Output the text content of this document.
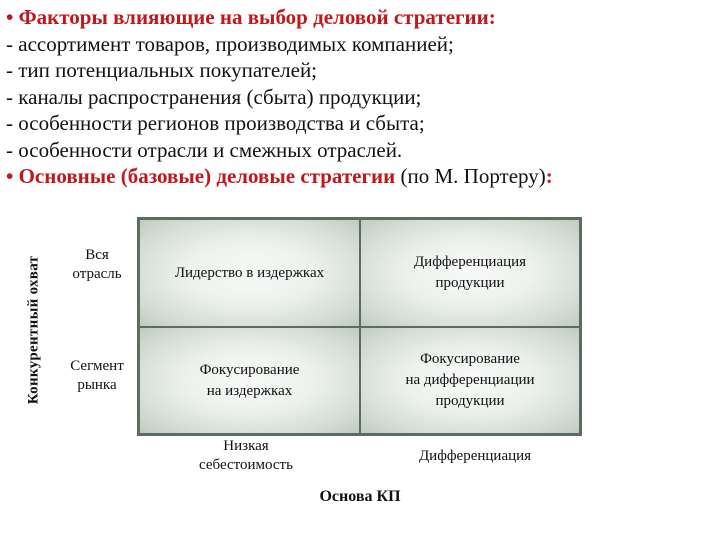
• Факторы влияющие на выбор деловой стратегии:
- ассортимент товаров, производимых компанией;
- тип потенциальных покупателей;
- каналы распространения (сбыта) продукции;
- особенности регионов производства и сбыта;
- особенности отрасли и смежных отраслей.
• Основные (базовые) деловые стратегии (по М. Портеру):
Конкурентный охват
Вся
отрасль
Сегмент
рынка
Лидерство в издержках
Дифференциация
продукции
Фокусирование
на издержках
Фокусирование
на дифференциации
продукции
Низкая
себестоимость
Дифференциация
Основа КП
